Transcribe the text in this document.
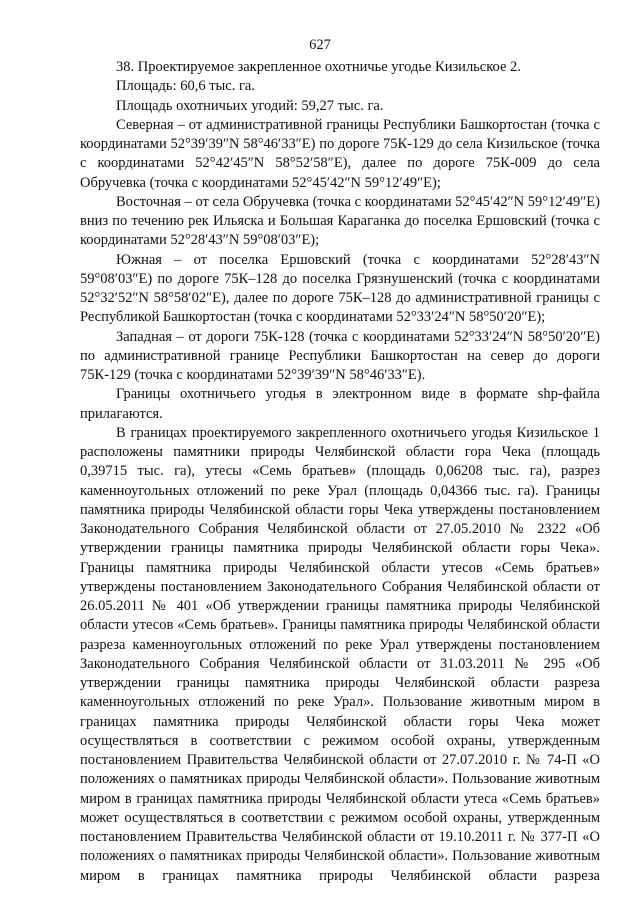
627

38. Проектируемое закрепленное охотничье угодье Кизильское 2.

Площадь: 60,6 тыс. га.

Площадь охотничьих угодий: 59,27 тыс. га.

Северная – от административной границы Республики Башкортостан (точка с координатами 52°39′39″N 58°46′33″E) по дороге 75К-129 до села Кизильское (точка с координатами 52°42′45″N 58°52′58″E), далее по дороге 75К-009 до села Обручевка (точка с координатами 52°45′42″N 59°12′49″E);

Восточная – от села Обручевка (точка с координатами 52°45′42″N 59°12′49″E) вниз по течению рек Ильяска и Большая Караганка до поселка Ершовский (точка с координатами 52°28′43″N 59°08′03″E);

Южная – от поселка Ершовский (точка с координатами 52°28′43″N 59°08′03″E) по дороге 75К–128 до поселка Грязнушенский (точка с координатами 52°32′52″N 58°58′02″E), далее по дороге 75К–128 до административной границы с Республикой Башкортостан (точка с координатами 52°33′24″N 58°50′20″E);

Западная – от дороги 75К-128 (точка с координатами 52°33′24″N 58°50′20″E) по административной границе Республики Башкортостан на север до дороги 75К-129 (точка с координатами 52°39′39″N 58°46′33″E).

Границы охотничьего угодья в электронном виде в формате shp-файла прилагаются.

В границах проектируемого закрепленного охотничьего угодья Кизильское 1 расположены памятники природы Челябинской области гора Чека (площадь 0,39715 тыс. га), утесы «Семь братьев» (площадь 0,06208 тыс. га), разрез каменноугольных отложений по реке Урал (площадь 0,04366 тыс. га). Границы памятника природы Челябинской области горы Чека утверждены постановлением Законодательного Собрания Челябинской области от 27.05.2010 № 2322 «Об утверждении границы памятника природы Челябинской области горы Чека». Границы памятника природы Челябинской области утесов «Семь братьев» утверждены постановлением Законодательного Собрания Челябинской области от 26.05.2011 № 401 «Об утверждении границы памятника природы Челябинской области утесов «Семь братьев». Границы памятника природы Челябинской области разреза каменноугольных отложений по реке Урал утверждены постановлением Законодательного Собрания Челябинской области от 31.03.2011 № 295 «Об утверждении границы памятника природы Челябинской области разреза каменноугольных отложений по реке Урал». Пользование животным миром в границах памятника природы Челябинской области горы Чека может осуществляться в соответствии с режимом особой охраны, утвержденным постановлением Правительства Челябинской области от 27.07.2010 г. № 74-П «О положениях о памятниках природы Челябинской области». Пользование животным миром в границах памятника природы Челябинской области утеса «Семь братьев» может осуществляться в соответствии с режимом особой охраны, утвержденным постановлением Правительства Челябинской области от 19.10.2011 г. № 377-П «О положениях о памятниках природы Челябинской области». Пользование животным миром в границах памятника природы Челябинской области разреза
